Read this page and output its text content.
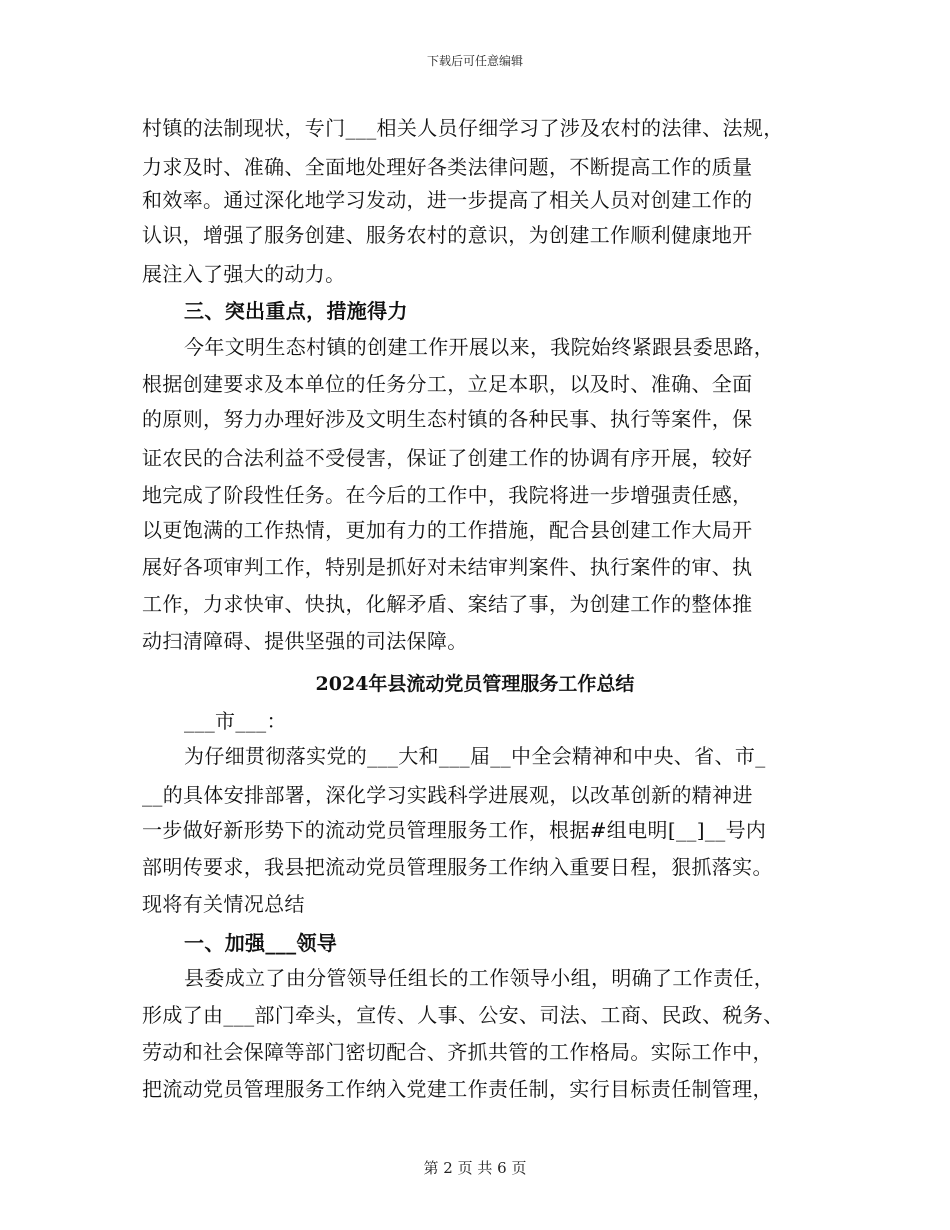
下载后可任意编辑
村镇的法制现状，专门___相关人员仔细学习了涉及农村的法律、法规，
力求及时、准确、全面地处理好各类法律问题，不断提高工作的质量
和效率。通过深化地学习发动，进一步提高了相关人员对创建工作的
认识，增强了服务创建、服务农村的意识，为创建工作顺利健康地开
展注入了强大的动力。
三、突出重点，措施得力
今年文明生态村镇的创建工作开展以来，我院始终紧跟县委思路，
根据创建要求及本单位的任务分工，立足本职，以及时、准确、全面
的原则，努力办理好涉及文明生态村镇的各种民事、执行等案件，保
证农民的合法利益不受侵害，保证了创建工作的协调有序开展，较好
地完成了阶段性任务。在今后的工作中，我院将进一步增强责任感，
以更饱满的工作热情，更加有力的工作措施，配合县创建工作大局开
展好各项审判工作，特别是抓好对未结审判案件、执行案件的审、执
工作，力求快审、快执，化解矛盾、案结了事，为创建工作的整体推
动扫清障碍、提供坚强的司法保障。
2024年县流动党员管理服务工作总结
___市___：
为仔细贯彻落实党的___大和___届__中全会精神和中央、省、市_
__的具体安排部署，深化学习实践科学进展观，以改革创新的精神进
一步做好新形势下的流动党员管理服务工作，根据#组电明[__]__号内
部明传要求，我县把流动党员管理服务工作纳入重要日程，狠抓落实。
现将有关情况总结
一、加强___领导
县委成立了由分管领导任组长的工作领导小组，明确了工作责任，
形成了由___部门牵头，宣传、人事、公安、司法、工商、民政、税务、
劳动和社会保障等部门密切配合、齐抓共管的工作格局。实际工作中，
把流动党员管理服务工作纳入党建工作责任制，实行目标责任制管理，
第 2 页 共 6 页
